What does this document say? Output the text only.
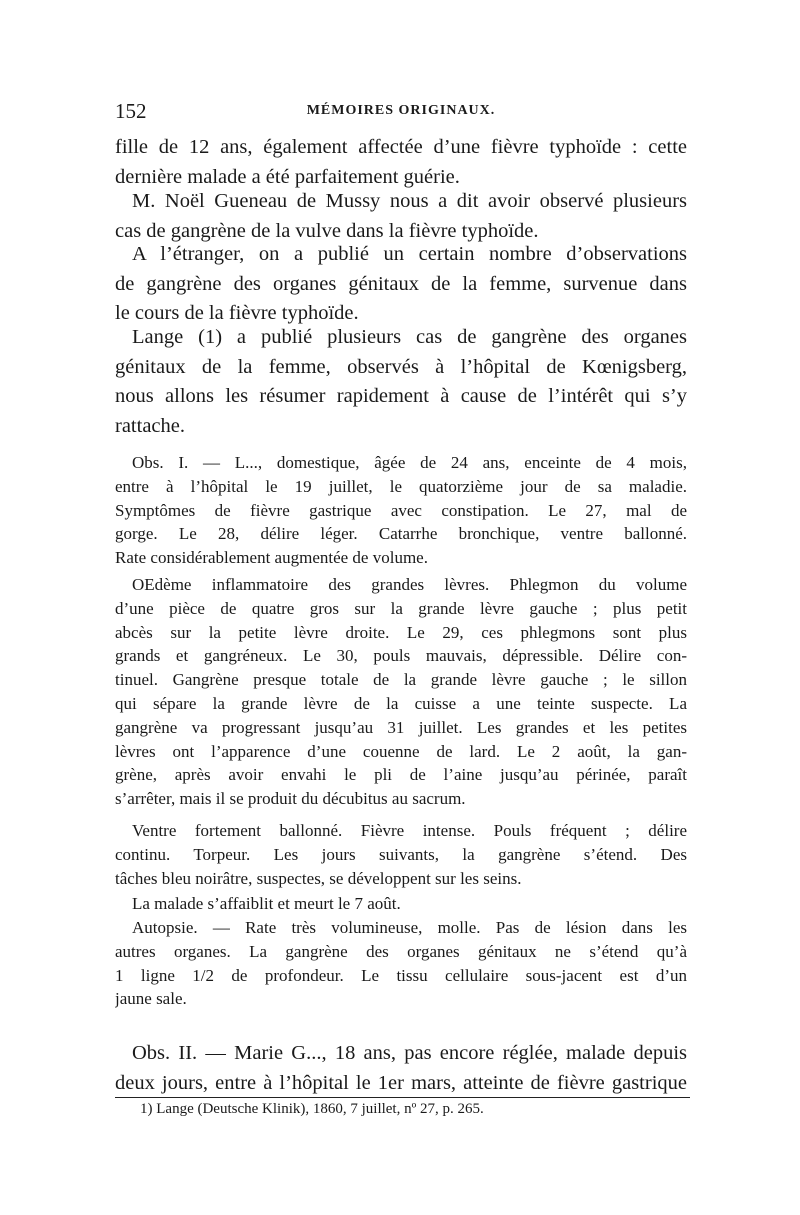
152	MÉMOIRES ORIGINAUX.
fille de 12 ans, également affectée d’une fièvre typhoïde : cette
dernière malade a été parfaitement guérie.
M. Noël Gueneau de Mussy nous a dit avoir observé plusieurs
cas de gangrène de la vulve dans la fièvre typhoïde.
A l’étranger, on a publié un certain nombre d’observations
de gangrène des organes génitaux de la femme, survenue dans
le cours de la fièvre typhoïde.
Lange (1) a publié plusieurs cas de gangrène des organes
génitaux de la femme, observés à l’hôpital de Kœnigsberg,
nous allons les résumer rapidement à cause de l’intérêt qui s’y
rattache.
Obs. I. — L..., domestique, âgée de 24 ans, enceinte de 4 mois,
entre à l’hôpital le 19 juillet, le quatorzième jour de sa maladie.
Symptômes de fièvre gastrique avec constipation. Le 27, mal de
gorge. Le 28, délire léger. Catarrhe bronchique, ventre ballonné.
Rate considérablement augmentée de volume.
OEdème inflammatoire des grandes lèvres. Phlegmon du volume
d’une pièce de quatre gros sur la grande lèvre gauche ; plus petit
abcès sur la petite lèvre droite. Le 29, ces phlegmons sont plus
grands et gangréneux. Le 30, pouls mauvais, dépressible. Délire con-
tinuel. Gangrène presque totale de la grande lèvre gauche ; le sillon
qui sépare la grande lèvre de la cuisse a une teinte suspecte. La
gangrène va progressant jusqu’au 31 juillet. Les grandes et les petites
lèvres ont l’apparence d’une couenne de lard. Le 2 août, la gan-
grène, après avoir envahi le pli de l’aine jusqu’au périnée, paraît
s’arrêter, mais il se produit du décubitus au sacrum.
Ventre fortement ballonné. Fièvre intense. Pouls fréquent ; délire
continu. Torpeur. Les jours suivants, la gangrène s’étend. Des
tâches bleu noirâtre, suspectes, se développent sur les seins.
La malade s’affaiblit et meurt le 7 août.
Autopsie. — Rate très volumineuse, molle. Pas de lésion dans les
autres organes. La gangrène des organes génitaux ne s’étend qu’à
1 ligne 1/2 de profondeur. Le tissu cellulaire sous-jacent est d’un
jaune sale.
Obs. II. — Marie G..., 18 ans, pas encore réglée, malade depuis
deux jours, entre à l’hôpital le 1er mars, atteinte de fièvre gastrique
1) Lange (Deutsche Klinik), 1860, 7 juillet, nº 27, p. 265.
